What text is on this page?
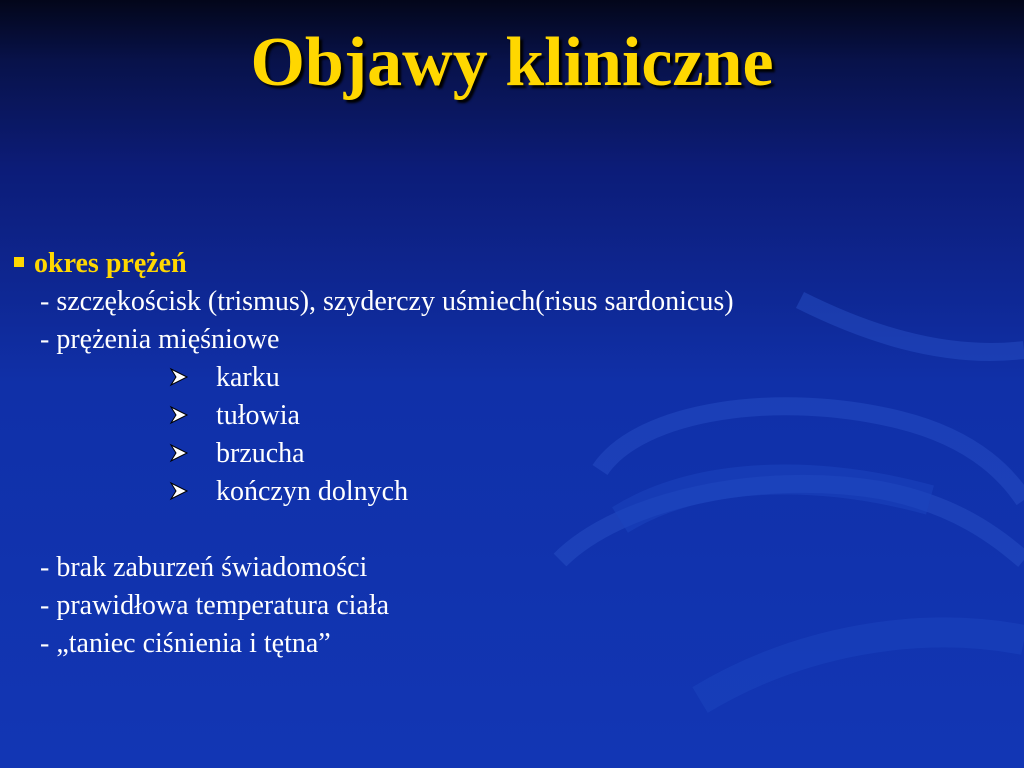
Objawy kliniczne
okres prężeń
- szczękościsk (trismus), szyderczy uśmiech(risus sardonicus)
- prężenia mięśniowe
karku
tułowia
brzucha
kończyn dolnych
- brak zaburzeń świadomości
- prawidłowa temperatura ciała
- „taniec ciśnienia i tętna”
